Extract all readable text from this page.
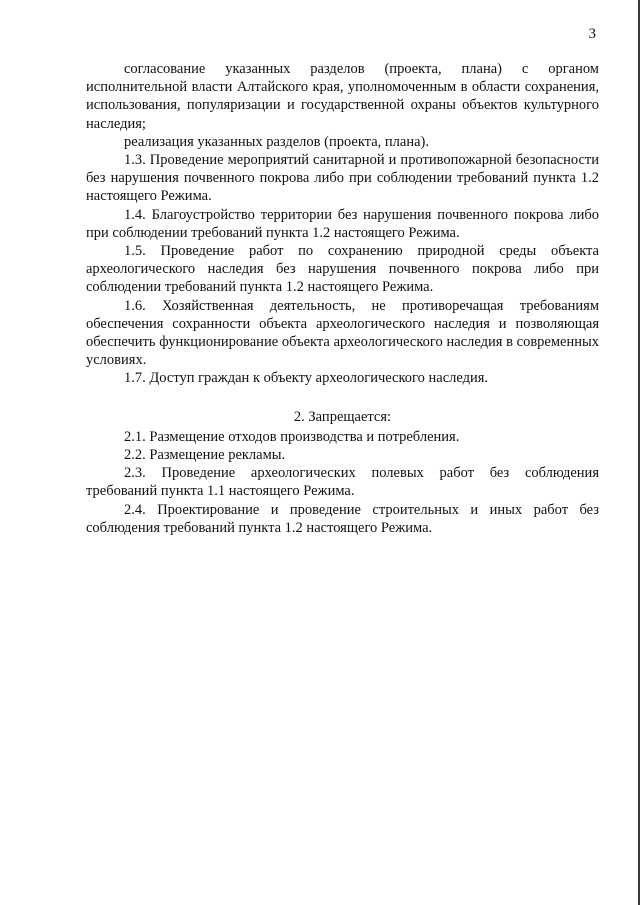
3

согласование указанных разделов (проекта, плана) с органом исполнительной власти Алтайского края, уполномоченным в области сохранения, использования, популяризации и государственной охраны объектов культурного наследия;

реализация указанных разделов (проекта, плана).

1.3. Проведение мероприятий санитарной и противопожарной безопасности без нарушения почвенного покрова либо при соблюдении требований пункта 1.2 настоящего Режима.

1.4. Благоустройство территории без нарушения почвенного покрова либо при соблюдении требований пункта 1.2 настоящего Режима.

1.5. Проведение работ по сохранению природной среды объекта археологического наследия без нарушения почвенного покрова либо при соблюдении требований пункта 1.2 настоящего Режима.

1.6. Хозяйственная деятельность, не противоречащая требованиям обеспечения сохранности объекта археологического наследия и позволяющая обеспечить функционирование объекта археологического наследия в современных условиях.

1.7. Доступ граждан к объекту археологического наследия.

2. Запрещается:

2.1. Размещение отходов производства и потребления.

2.2. Размещение рекламы.

2.3. Проведение археологических полевых работ без соблюдения требований пункта 1.1 настоящего Режима.

2.4. Проектирование и проведение строительных и иных работ без соблюдения требований пункта 1.2 настоящего Режима.
